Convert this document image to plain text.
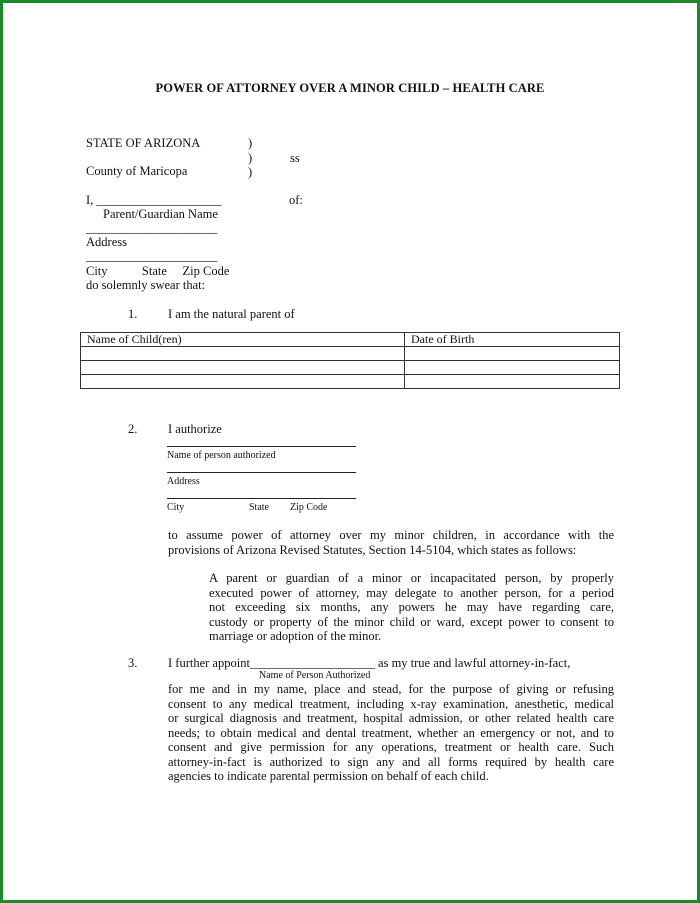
POWER OF ATTORNEY OVER A MINOR CHILD – HEALTH CARE
STATE OF ARIZONA	)
)	ss
)
County of Maricopa
I, ____________________	of:
Parent/Guardian Name
_____________________
Address
_____________________
City           State     Zip Code
do solemnly swear that:
1. I am the natural parent of
Name of Child(ren)	Date of Birth

2. I authorize
Name of person authorized
Address
City	State Zip Code
to assume power of attorney over my minor children, in accordance with the
provisions of Arizona Revised Statutes, Section 14-5104, which states as follows:
A parent or guardian of a minor or incapacitated person, by properly
executed power of attorney, may delegate to another person, for a period
not exceeding six months, any powers he may have regarding care,
custody or property of the minor child or ward, except power to consent to
marriage or adoption of the minor.
3. I further appoint____________________ as my true and lawful attorney-in-fact,
Name of Person Authorized
for me and in my name, place and stead, for the purpose of giving or refusing
consent to any medical treatment, including x-ray examination, anesthetic, medical
or surgical diagnosis and treatment, hospital admission, or other related health care
needs; to obtain medical and dental treatment, whether an emergency or not, and to
consent and give permission for any operations, treatment or health care. Such
attorney-in-fact is authorized to sign any and all forms required by health care
agencies to indicate parental permission on behalf of each child.
